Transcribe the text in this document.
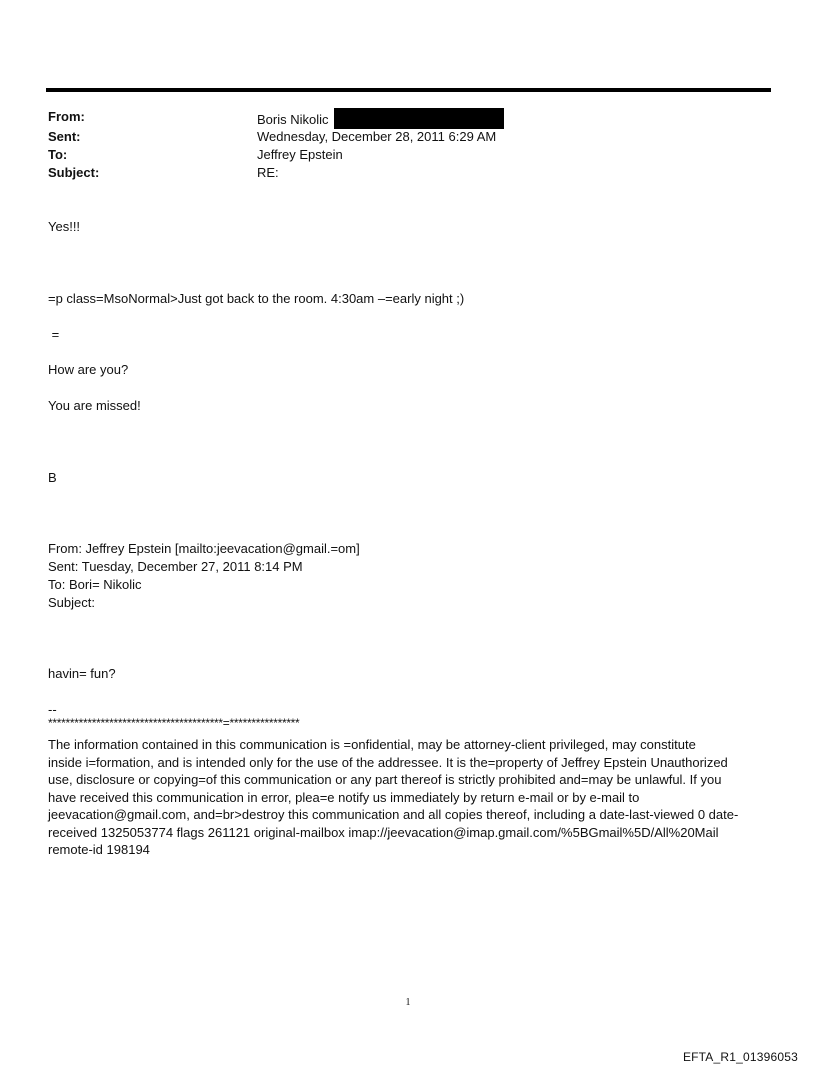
From:	Boris Nikolic
Sent:	Wednesday, December 28, 2011 6:29 AM
To:	Jeffrey Epstein
Subject:	RE:
Yes!!!
=p class=MsoNormal>Just got back to the room. 4:30am –=early night ;)
=
How are you?
You are missed!
B
From: Jeffrey Epstein [mailto:jeevacation@gmail.=om]
Sent: Tuesday, December 27, 2011 8:14 PM
To: Bori= Nikolic
Subject:
havin= fun?
--
****************************************=****************
The information contained in this communication is =onfidential, may be attorney-client privileged, may constitute
inside i=formation, and is intended only for the use of the addressee. It is the=property of Jeffrey Epstein Unauthorized
use, disclosure or copying=of this communication or any part thereof is strictly prohibited and=may be unlawful. If you
have received this communication in error, plea=e notify us immediately by return e-mail or by e-mail to
jeevacation@gmail.com, and=br>destroy this communication and all copies thereof, including a date-last-viewed 0 date-
received 1325053774 flags 261121 original-mailbox imap://jeevacation@imap.gmail.com/%5BGmail%5D/All%20Mail
remote-id 198194
1
EFTA_R1_01396053
